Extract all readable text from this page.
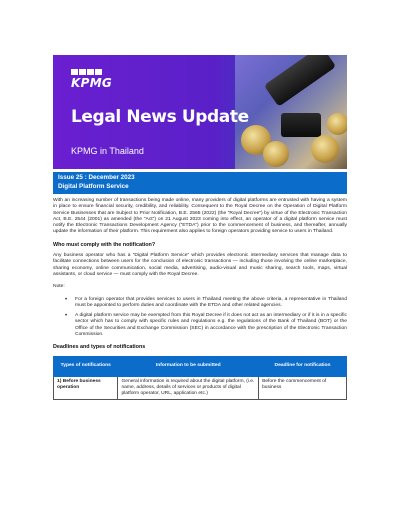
KPMG
Legal News Update
KPMG in Thailand
Issue 25 : December 2023
Digital Platform Service

With an increasing number of transactions being made online, many providers of digital platforms are entrusted with having a system in place to ensure financial security, credibility, and reliability. Consequent to the Royal Decree on the Operation of Digital Platform Service Businesses that are Subject to Prior Notification, B.E. 2565 (2022) (the “Royal Decree”) by virtue of the Electronic Transaction Act, B.E. 2544 (2001) as amended (the “Act”) on 21 August 2023 coming into effect, an operator of a digital platform service must notify the Electronic Transactions Development Agency (“ETDA”) prior to the commencement of business, and thereafter, annually update the information of their platform. This requirement also applies to foreign operators providing service to users in Thailand.

Who must comply with the notification?

Any business operator who has a “Digital Platform Service” which provides electronic intermediary services that manage data to facilitate connections between users for the conclusion of electronic transactions — including those involving the online marketplace, sharing economy, online communication, social media, advertising, audio-visual and music sharing, search tools, maps, virtual assistants, or cloud service — must comply with the Royal Decree.

Note:
• For a foreign operator that provides services to users in Thailand meeting the above criteria, a representative in Thailand must be appointed to perform duties and coordinate with the ETDA and other related agencies.
• A digital platform service may be exempted from this Royal Decree if it does not act as an intermediary or if it is in a specific sector which has to comply with specific rules and regulations e.g. the regulations of the Bank of Thailand (BOT) or the Office of the Securities and Exchange Commission (SEC) in accordance with the prescription of the Electronic Transaction Commission.
Deadlines and types of notifications
Types of notifications	Information to be submitted	Deadline for notification
1) Before business operation	General information is required about the digital platform, (i.e. name, address, details of services or products of digital platform operator, URL, application etc.)	Before the commencement of business
